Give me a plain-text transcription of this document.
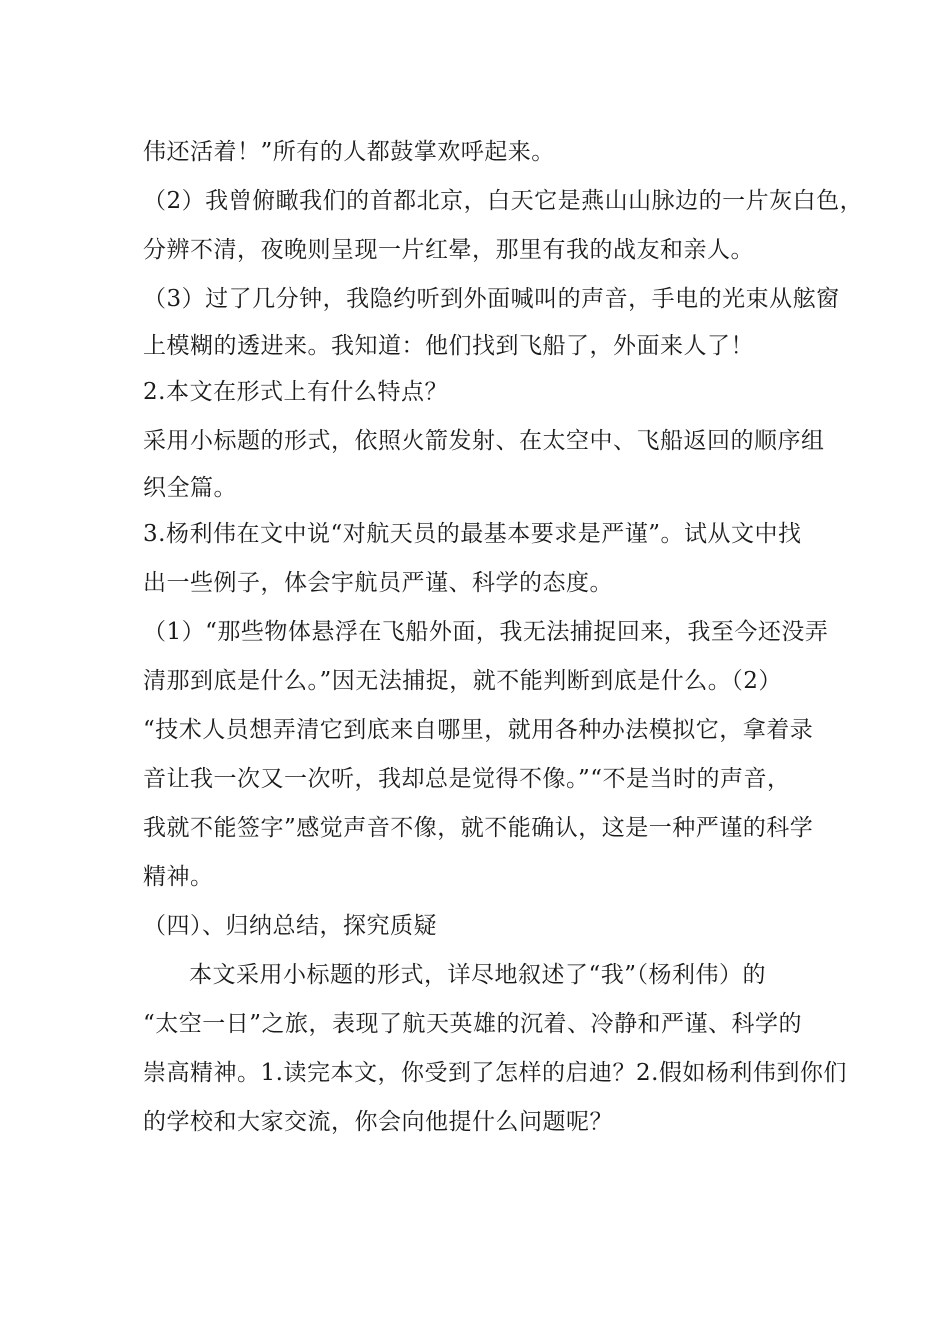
伟还活着！”所有的人都鼓掌欢呼起来。
（2）我曾俯瞰我们的首都北京，白天它是燕山山脉边的一片灰白色，
分辨不清，夜晚则呈现一片红晕，那里有我的战友和亲人。
（3）过了几分钟，我隐约听到外面喊叫的声音，手电的光束从舷窗
上模糊的透进来。我知道：他们找到飞船了，外面来人了！
2.本文在形式上有什么特点？
采用小标题的形式，依照火箭发射、在太空中、飞船返回的顺序组
织全篇。
3.杨利伟在文中说“对航天员的最基本要求是严谨”。试从文中找
出一些例子，体会宇航员严谨、科学的态度。
（1）“那些物体悬浮在飞船外面，我无法捕捉回来，我至今还没弄
清那到底是什么。”因无法捕捉，就不能判断到底是什么。（2）
“技术人员想弄清它到底来自哪里，就用各种办法模拟它，拿着录
音让我一次又一次听，我却总是觉得不像。”“不是当时的声音，
我就不能签字”感觉声音不像，就不能确认，这是一种严谨的科学
精神。
（四）、归纳总结，探究质疑
本文采用小标题的形式，详尽地叙述了“我”（杨利伟）的
“太空一日”之旅，表现了航天英雄的沉着、冷静和严谨、科学的
崇高精神。1.读完本文，你受到了怎样的启迪？2.假如杨利伟到你们
的学校和大家交流，你会向他提什么问题呢？
